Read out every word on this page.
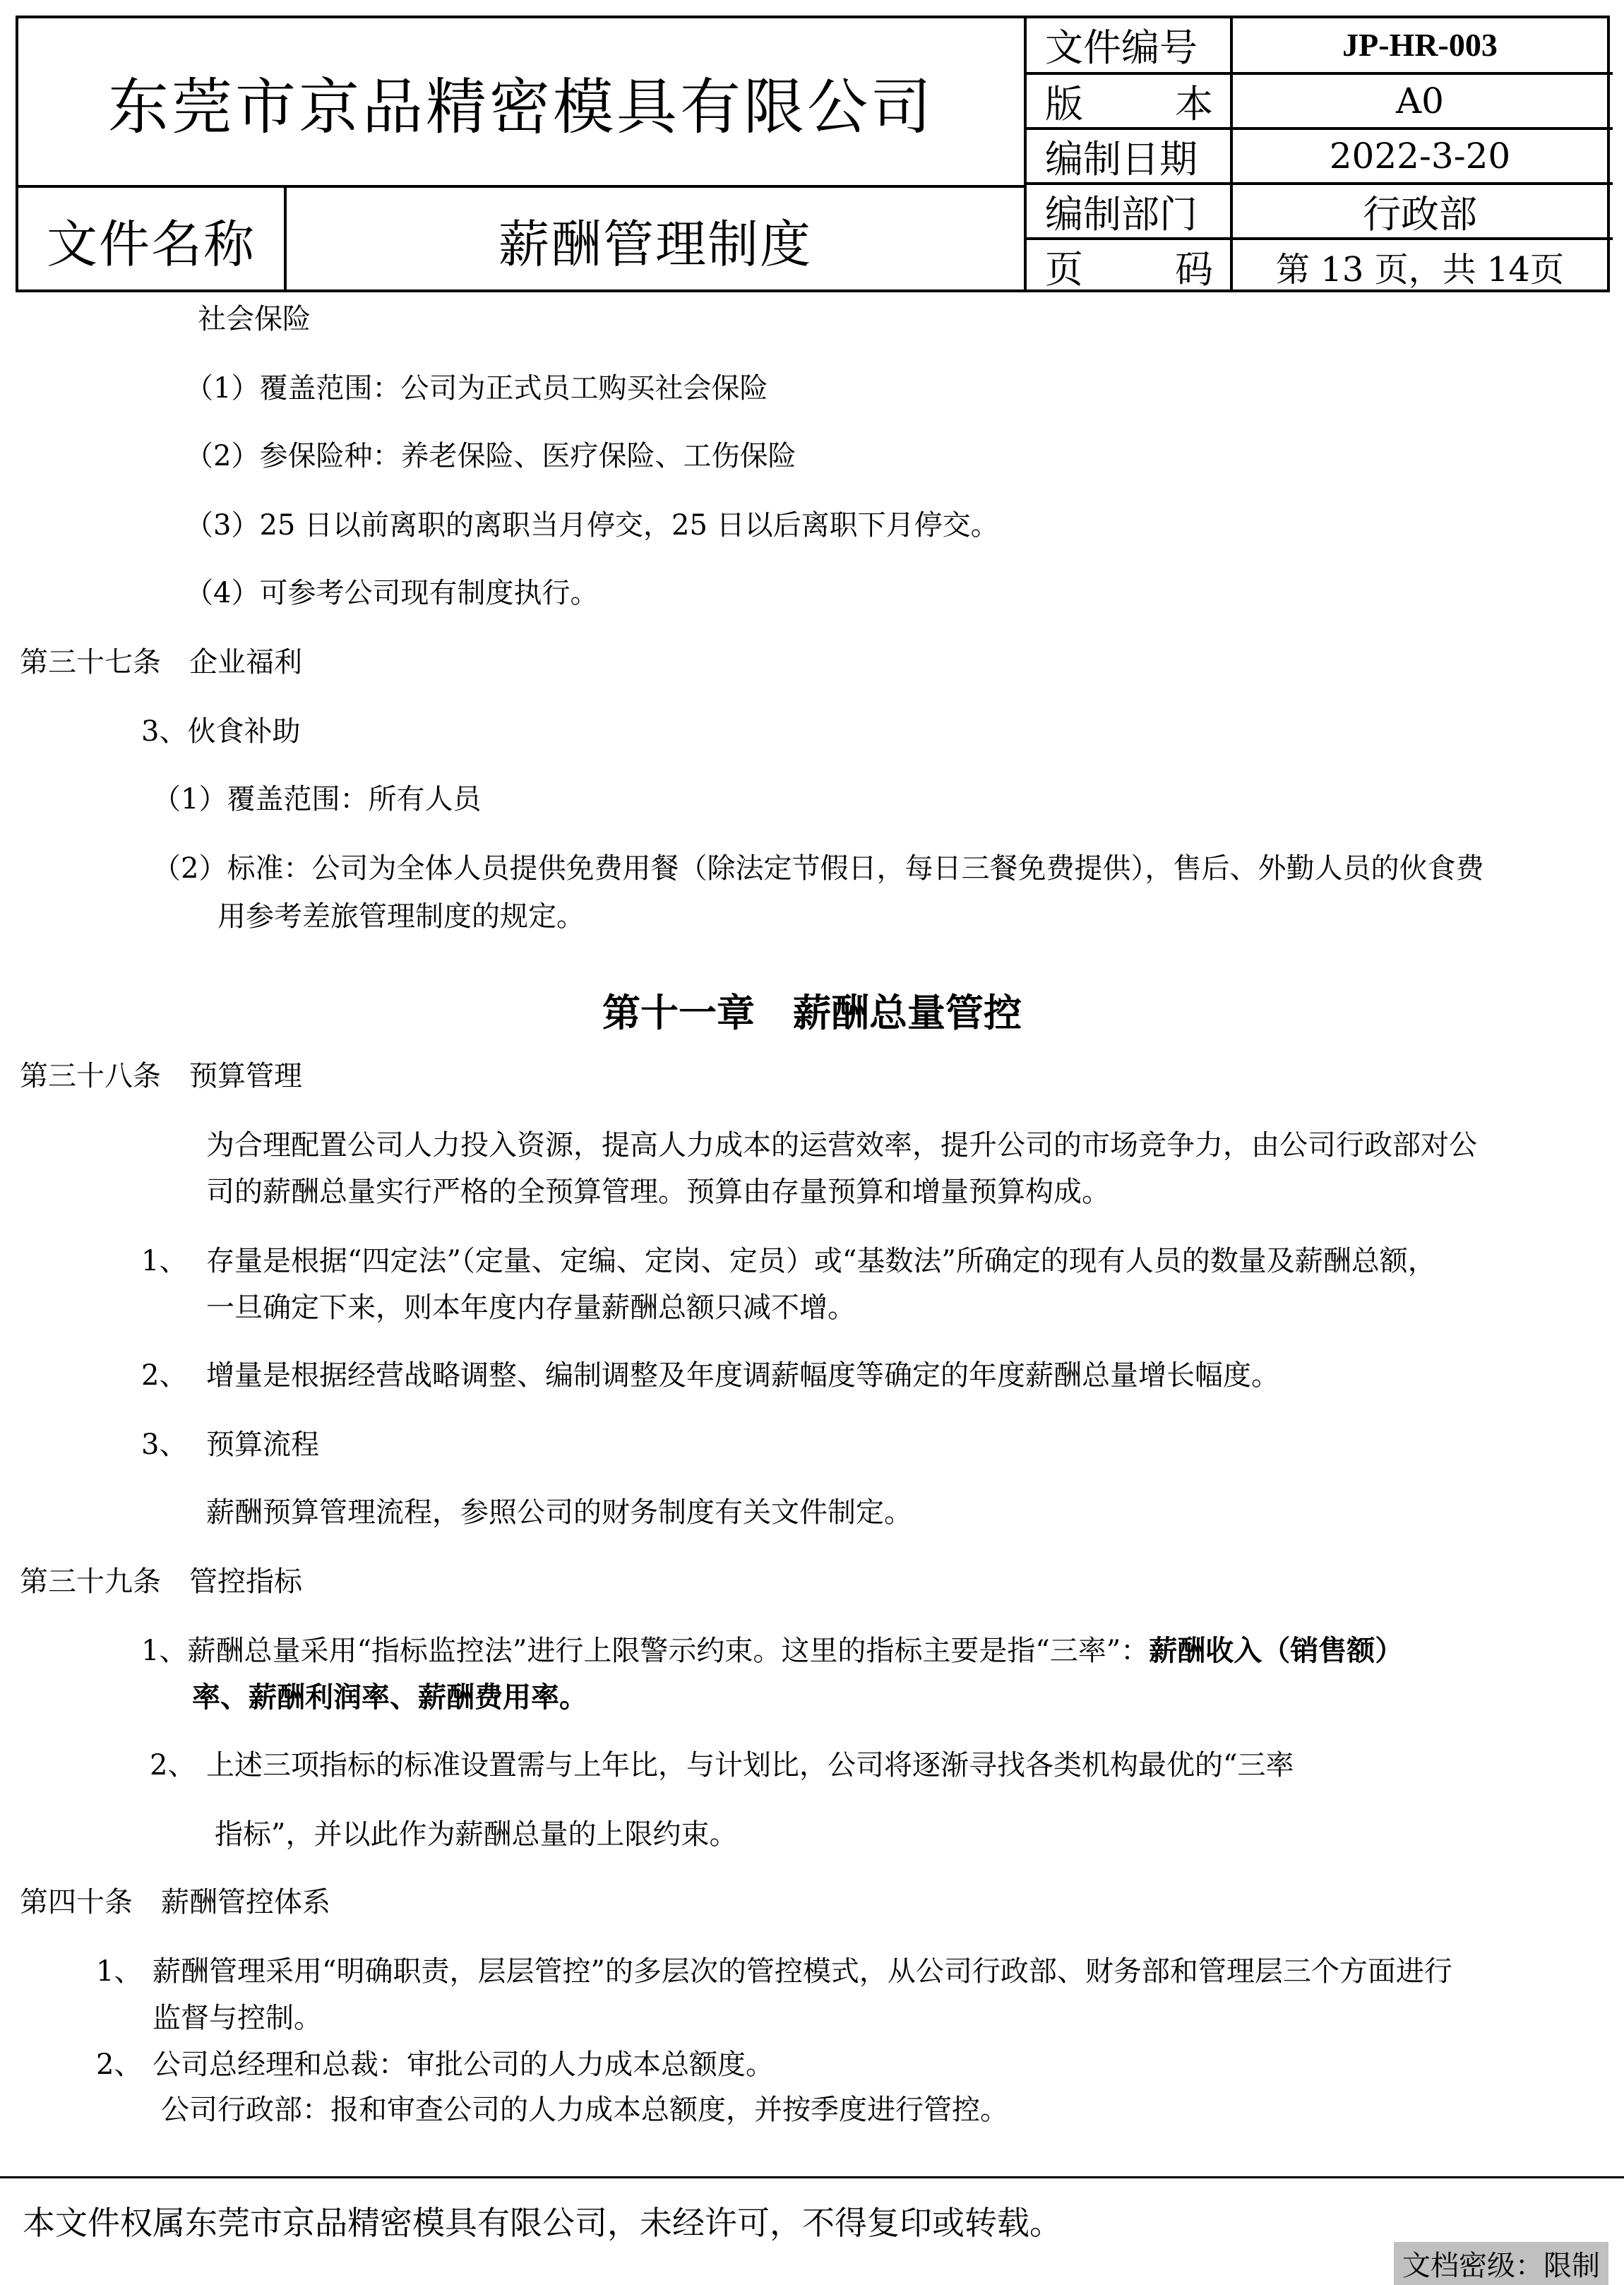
东莞市京品精密模具有限公司
文件名称	薪酬管理制度
文件编号	JP-HR-003
版 本	A0
编制日期	2022-3-20
编制部门	行政部
页 码	第 13 页，共 14页
社会保险
（1）覆盖范围：公司为正式员工购买社会保险
（2）参保险种：养老保险、医疗保险、工伤保险
（3）25 日以前离职的离职当月停交，25 日以后离职下月停交。
（4）可参考公司现有制度执行。
第三十七条　企业福利
3、伙食补助
（1）覆盖范围：所有人员
（2）标准：公司为全体人员提供免费用餐（除法定节假日，每日三餐免费提供），售后、外勤人员的伙食费
用参考差旅管理制度的规定。
第十一章　薪酬总量管控
第三十八条　预算管理
为合理配置公司人力投入资源，提高人力成本的运营效率，提升公司的市场竞争力，由公司行政部对公
司的薪酬总量实行严格的全预算管理。预算由存量预算和增量预算构成。
1、 存量是根据“四定法”（定量、定编、定岗、定员）或“基数法”所确定的现有人员的数量及薪酬总额，
一旦确定下来，则本年度内存量薪酬总额只减不增。
2、 增量是根据经营战略调整、编制调整及年度调薪幅度等确定的年度薪酬总量增长幅度。
3、 预算流程
薪酬预算管理流程，参照公司的财务制度有关文件制定。
第三十九条　管控指标
1、薪酬总量采用“指标监控法”进行上限警示约束。这里的指标主要是指“三率”：薪酬收入（销售额）
率、薪酬利润率、薪酬费用率。
2、 上述三项指标的标准设置需与上年比，与计划比，公司将逐渐寻找各类机构最优的“三率
指标”，并以此作为薪酬总量的上限约束。
第四十条　薪酬管控体系
1、 薪酬管理采用“明确职责，层层管控”的多层次的管控模式，从公司行政部、财务部和管理层三个方面进行
监督与控制。
2、 公司总经理和总裁：审批公司的人力成本总额度。
公司行政部：报和审查公司的人力成本总额度，并按季度进行管控。
本文件权属东莞市京品精密模具有限公司，未经许可，不得复印或转载。
文档密级：限制
